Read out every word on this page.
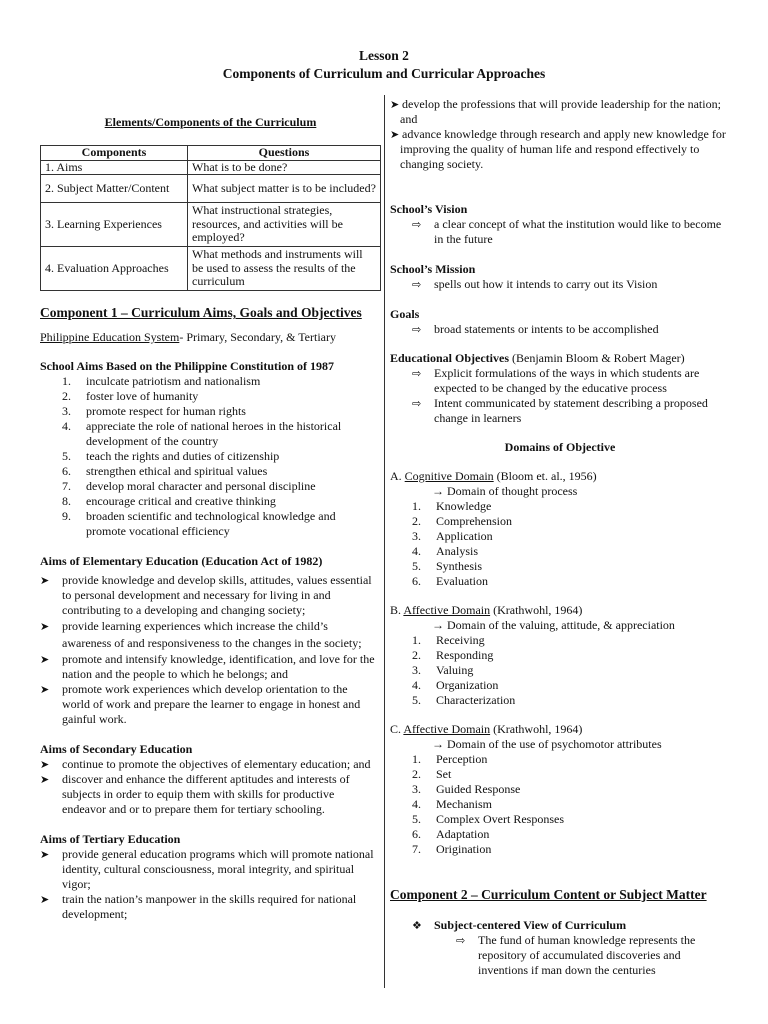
Lesson 2
Components of Curriculum and Curricular Approaches
Elements/Components of the Curriculum
Components	Questions
1. Aims	What is to be done?
2. Subject Matter/Content	What subject matter is to be included?
3. Learning Experiences	What instructional strategies, resources, and activities will be employed?
4. Evaluation Approaches	What methods and instruments will be used to assess the results of the curriculum
Component 1 – Curriculum Aims, Goals and Objectives
Philippine Education System- Primary, Secondary, & Tertiary
School Aims Based on the Philippine Constitution of 1987
1.	inculcate patriotism and nationalism
2.	foster love of humanity
3.	promote respect for human rights
4.	appreciate the role of national heroes in the historical development of the country
5.	teach the rights and duties of citizenship
6.	strengthen ethical and spiritual values
7.	develop moral character and personal discipline
8.	encourage critical and creative thinking
9.	broaden scientific and technological knowledge and promote vocational efficiency
Aims of Elementary Education (Education Act of 1982)
➤ provide knowledge and develop skills, attitudes, values essential to personal development and necessary for living in and contributing to a developing and changing society;
➤ provide learning experiences which increase the child’s awareness of and responsiveness to the changes in the society;
➤ promote and intensify knowledge, identification, and love for the nation and the people to which he belongs; and
➤ promote work experiences which develop orientation to the world of work and prepare the learner to engage in honest and gainful work.
Aims of Secondary Education
➤ continue to promote the objectives of elementary education; and
➤ discover and enhance the different aptitudes and interests of subjects in order to equip them with skills for productive endeavor and or to prepare them for tertiary schooling.
Aims of Tertiary Education
➤ provide general education programs which will promote national identity, cultural consciousness, moral integrity, and spiritual vigor;
➤ train the nation’s manpower in the skills required for national development;
➤ develop the professions that will provide leadership for the nation; and
➤ advance knowledge through research and apply new knowledge for improving the quality of human life and respond effectively to changing society.
School’s Vision
⇨ a clear concept of what the institution would like to become in the future
School’s Mission
⇨ spells out how it intends to carry out its Vision
Goals
⇨ broad statements or intents to be accomplished
Educational Objectives (Benjamin Bloom & Robert Mager)
⇨ Explicit formulations of the ways in which students are expected to be changed by the educative process
⇨ Intent communicated by statement describing a proposed change in learners
Domains of Objective
A. Cognitive Domain (Bloom et. al., 1956)
→ Domain of thought process
1.	Knowledge
2.	Comprehension
3.	Application
4.	Analysis
5.	Synthesis
6.	Evaluation
B. Affective Domain (Krathwohl, 1964)
→ Domain of the valuing, attitude, & appreciation
1.	Receiving
2.	Responding
3.	Valuing
4.	Organization
5.	Characterization
C. Affective Domain (Krathwohl, 1964)
→ Domain of the use of psychomotor attributes
1.	Perception
2.	Set
3.	Guided Response
4.	Mechanism
5.	Complex Overt Responses
6.	Adaptation
7.	Origination
Component 2 – Curriculum Content or Subject Matter
❖ Subject-centered View of Curriculum
⇨ The fund of human knowledge represents the repository of accumulated discoveries and inventions if man down the centuries
